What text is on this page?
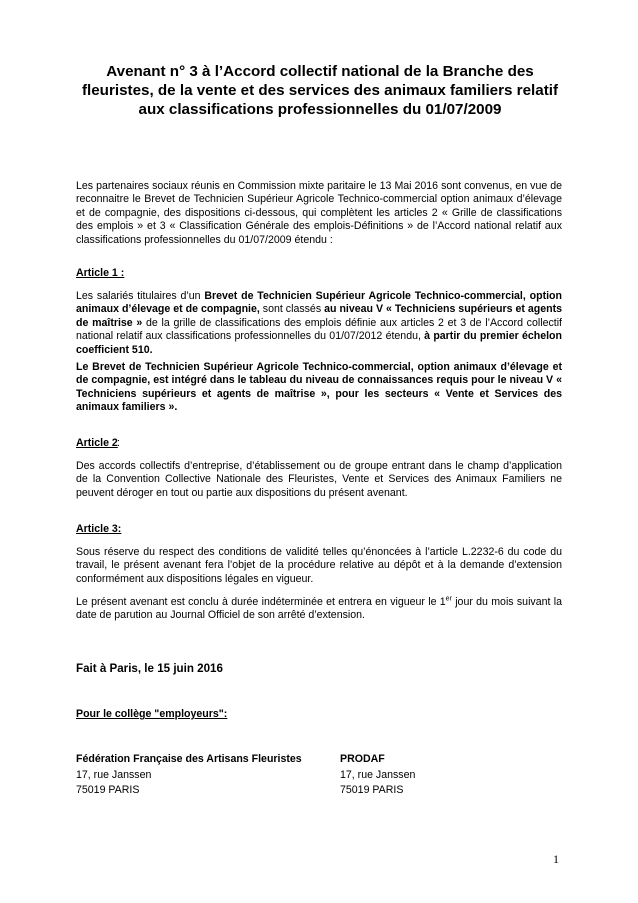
Avenant n° 3 à l’Accord collectif national de la Branche des fleuristes, de la vente et des services des animaux familiers relatif aux classifications professionnelles du 01/07/2009
Les partenaires sociaux réunis en Commission mixte paritaire le 13 Mai 2016 sont convenus, en vue de reconnaitre le Brevet de Technicien Supérieur Agricole Technico-commercial option animaux d’élevage et de compagnie, des dispositions ci-dessous, qui complètent les articles 2 « Grille de classifications des emplois » et 3 « Classification Générale des emplois-Définitions » de l’Accord national relatif aux classifications professionnelles du 01/07/2009 étendu :
Article 1 :
Les salariés titulaires d’un Brevet de Technicien Supérieur Agricole Technico-commercial, option animaux d’élevage et de compagnie, sont classés au niveau V « Techniciens supérieurs et agents de maîtrise » de la grille de classifications des emplois définie aux articles 2 et 3 de l’Accord collectif national relatif aux classifications professionnelles du 01/07/2012 étendu, à partir du premier échelon coefficient 510.
Le Brevet de Technicien Supérieur Agricole Technico-commercial, option animaux d’élevage et de compagnie, est intégré dans le tableau du niveau de connaissances requis pour le niveau V « Techniciens supérieurs et agents de maîtrise », pour les secteurs « Vente et Services des animaux familiers ».
Article 2 :
Des accords collectifs d’entreprise, d’établissement ou de groupe entrant dans le champ d’application de la Convention Collective Nationale des Fleuristes, Vente et Services des Animaux Familiers ne peuvent déroger en tout ou partie aux dispositions du présent avenant.
Article 3:
Sous réserve du respect des conditions de validité telles qu’énoncées à l’article L.2232-6 du code du travail, le présent avenant fera l’objet de la procédure relative au dépôt et à la demande d’extension conformément aux dispositions légales en vigueur.
Le présent avenant est conclu à durée indéterminée et entrera en vigueur le 1er jour du mois suivant la date de parution au Journal Officiel de son arrêté d’extension.
Fait à Paris, le 15 juin 2016
Pour le collège "employeurs":
Fédération Française des Artisans Fleuristes
17, rue Janssen
75019 PARIS
PRODAF
17, rue Janssen
75019 PARIS
1
